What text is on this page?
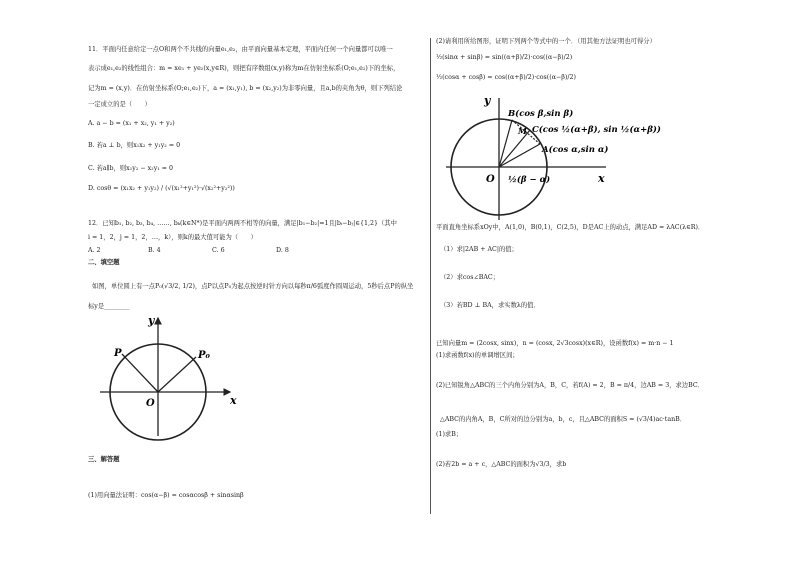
11．平面内任意给定一点O和两个不共线的向量e₁,e₂，由平面向量基本定理，平面内任何一个向量都可以唯一
表示成e₁,e₂的线性组合：m = xe₁ + ye₂(x,y∈R)，则把有序数组(x,y)称为m在仿射坐标系(O;e₁,e₂)下的坐标，
记为m = (x,y)．在仿射坐标系(O;e₁,e₂)下，a = (x₁,y₁), b = (x₂,y₂)为非零向量，且a,b的夹角为θ，则下列结论
一定成立的是（　　）
A. a − b = (x₁ + x₂, y₁ + y₂)
B. 若a ⊥ b，则x₁x₂ + y₁y₂ = 0
C. 若a∥b，则x₁y₂ − x₂y₁ = 0
D. cosθ = (x₁x₂ + y₁y₂) / (√(x₁²+y₁²)·√(x₂²+y₂²))
12．已知b₁, b₂, b₃, b₄, ……, bₖ(k∈N*)是平面内两两不相等的向量，满足|b₁−b₂|=1且|bᵢ−bⱼ|∈{1,2}（其中
i = 1，2，j = 1，2，…，k），则k的最大值可能为（　　）
A. 2	B. 4	C. 6	D. 8
二、填空题
如图，单位圆上有一点P₀(√3/2, 1/2)，点P以点P₀为起点按逆时针方向以每秒π/6弧度作圆周运动，5秒后点P的纵坐
标y是________
y
x
O
P	P₀
三、解答题
(1)用向量法证明：cos(α−β) = cosαcosβ + sinαsinβ
(2)请利用所给图形，证明下列两个等式中的一个．（用其他方法证明也可得分）
½(sinα + sinβ) = sin((α+β)/2)·cos((α−β)/2)
½(cosα + cosβ) = cos((α+β)/2)·cos((α−β)/2)
y
x
O
B(cos β,sin β)
C(cos ½(α+β), sin ½(α+β))
A(cos α,sin α)
M
½(β − α)
平面直角坐标系xOy中，A(1,0)，B(0,1)，C(2,5)，D是AC上的动点，满足AD = λAC(λ∈R)．
（1）求|2AB + AC|的值；
（2）求cos∠BAC；
（3）若BD ⊥ BA，求实数λ的值．
已知向量m = (2cosx, sinx)，n = (cosx, 2√3cosx)(x∈R)，设函数f(x) = m·n − 1
(1)求函数f(x)的单调增区间；
(2)已知锐角△ABC的三个内角分别为A，B，C，若f(A) = 2，B = π/4，边AB = 3，求边BC．
△ABC的内角A，B，C所对的边分别为a，b，c，且△ABC的面积S = (√3/4)ac·tanB．
(1)求B；
(2)若2b = a + c，△ABC的面积为√3/3，求b
